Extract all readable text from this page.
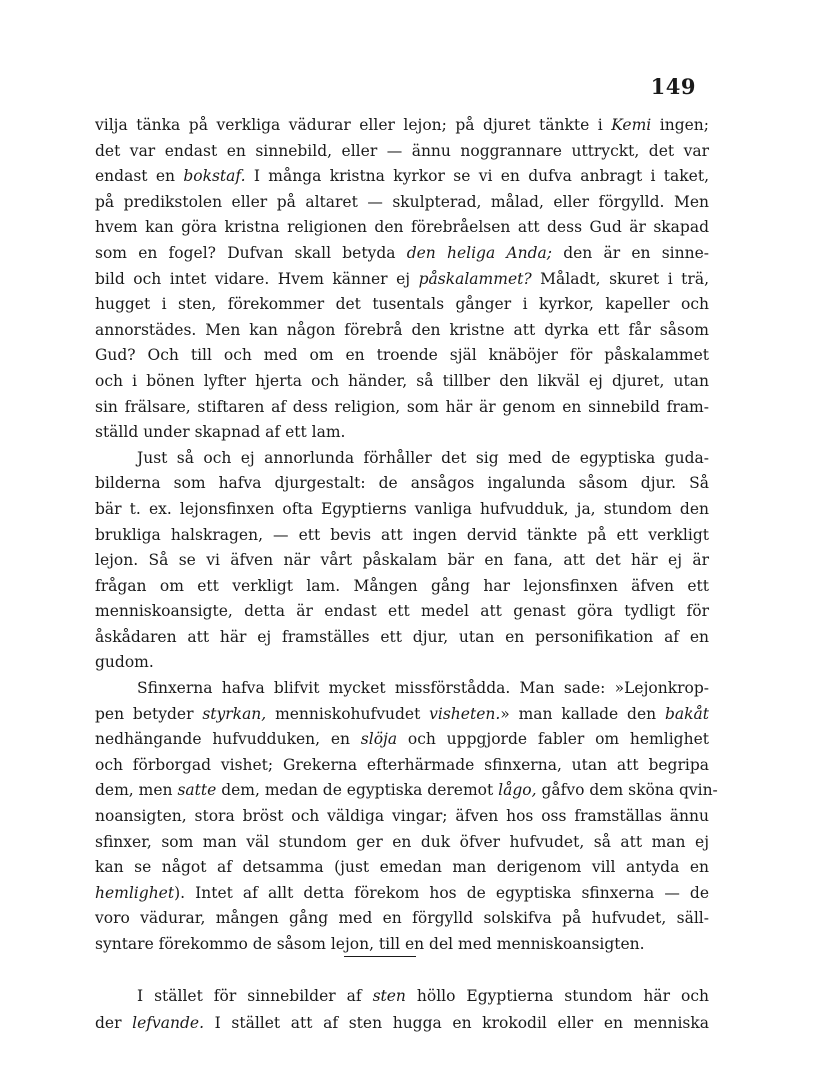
149
vilja tänka på verkliga vädurar eller lejon; på djuret tänkte i Kemi ingen;
det var endast en sinnebild, eller — ännu noggrannare uttryckt, det var
endast en bokstaf. I många kristna kyrkor se vi en dufva anbragt i taket,
på predikstolen eller på altaret — skulpterad, målad, eller förgylld. Men
hvem kan göra kristna religionen den förebråelsen att dess Gud är skapad
som en fogel? Dufvan skall betyda den heliga Anda; den är en sinne-
bild och intet vidare. Hvem känner ej påskalammet? Måladt, skuret i trä,
hugget i sten, förekommer det tusentals gånger i kyrkor, kapeller och
annorstädes. Men kan någon förebrå den kristne att dyrka ett får såsom
Gud? Och till och med om en troende själ knäböjer för påskalammet
och i bönen lyfter hjerta och händer, så tillber den likväl ej djuret, utan
sin frälsare, stiftaren af dess religion, som här är genom en sinnebild fram-
ställd under skapnad af ett lam.
Just så och ej annorlunda förhåller det sig med de egyptiska guda-
bilderna som hafva djurgestalt: de ansågos ingalunda såsom djur. Så
bär t. ex. lejonsfinxen ofta Egyptierns vanliga hufvudduk, ja, stundom den
brukliga halskragen, — ett bevis att ingen dervid tänkte på ett verkligt
lejon. Så se vi äfven när vårt påskalam bär en fana, att det här ej är
frågan om ett verkligt lam. Mången gång har lejonsfinxen äfven ett
menniskoansigte, detta är endast ett medel att genast göra tydligt för
åskådaren att här ej framställes ett djur, utan en personifikation af en
gudom.
Sfinxerna hafva blifvit mycket missförstådda. Man sade: »Lejonkrop-
pen betyder styrkan, menniskohufvudet visheten.» man kallade den bakåt
nedhängande hufvudduken, en slöja och uppgjorde fabler om hemlighet
och förborgad vishet; Grekerna efterhärmade sfinxerna, utan att begripa
dem, men satte dem, medan de egyptiska deremot lågo, gåfvo dem sköna qvin-
noansigten, stora bröst och väldiga vingar; äfven hos oss framställas ännu
sfinxer, som man väl stundom ger en duk öfver hufvudet, så att man ej
kan se något af detsamma (just emedan man derigenom vill antyda en
hemlighet). Intet af allt detta förekom hos de egyptiska sfinxerna — de
voro vädurar, mången gång med en förgylld solskifva på hufvudet, säll-
syntare förekommo de såsom lejon, till en del med menniskoansigten.
I stället för sinnebilder af sten höllo Egyptierna stundom här och
der lefvande. I stället att af sten hugga en krokodil eller en menniska
